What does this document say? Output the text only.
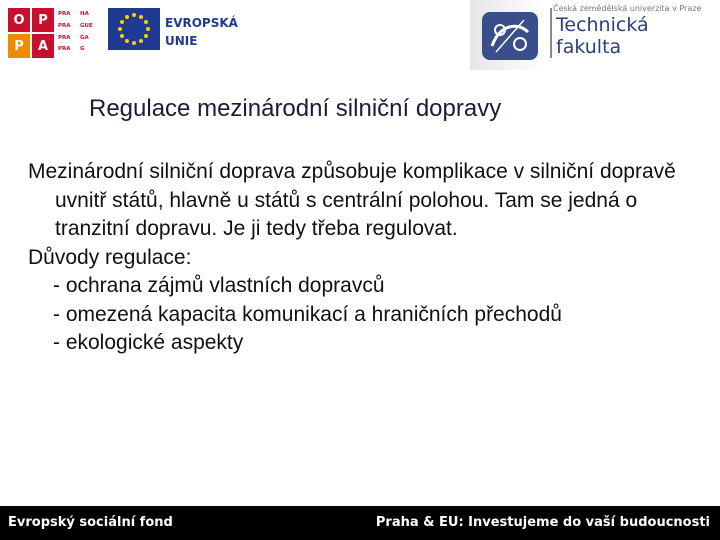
O	P
P	A
PRA	HA
PRA	GUE
PRA	GA
PRA	G
EVROPSKÁ
UNIE
Česká zemědělská univerzita v Praze
Technická
fakulta
Regulace mezinárodní silniční dopravy

Mezinárodní silniční doprava způsobuje komplikace v silniční dopravě uvnitř států, hlavně u států s centrální polohou. Tam se jedná o tranzitní dopravu. Je ji tedy třeba regulovat.

Důvody regulace:

- ochrana zájmů vlastních dopravců

- omezená kapacita komunikací a hraničních přechodů

- ekologické aspekty

Evropský sociální fond	Praha & EU: Investujeme do vaší budoucnosti
